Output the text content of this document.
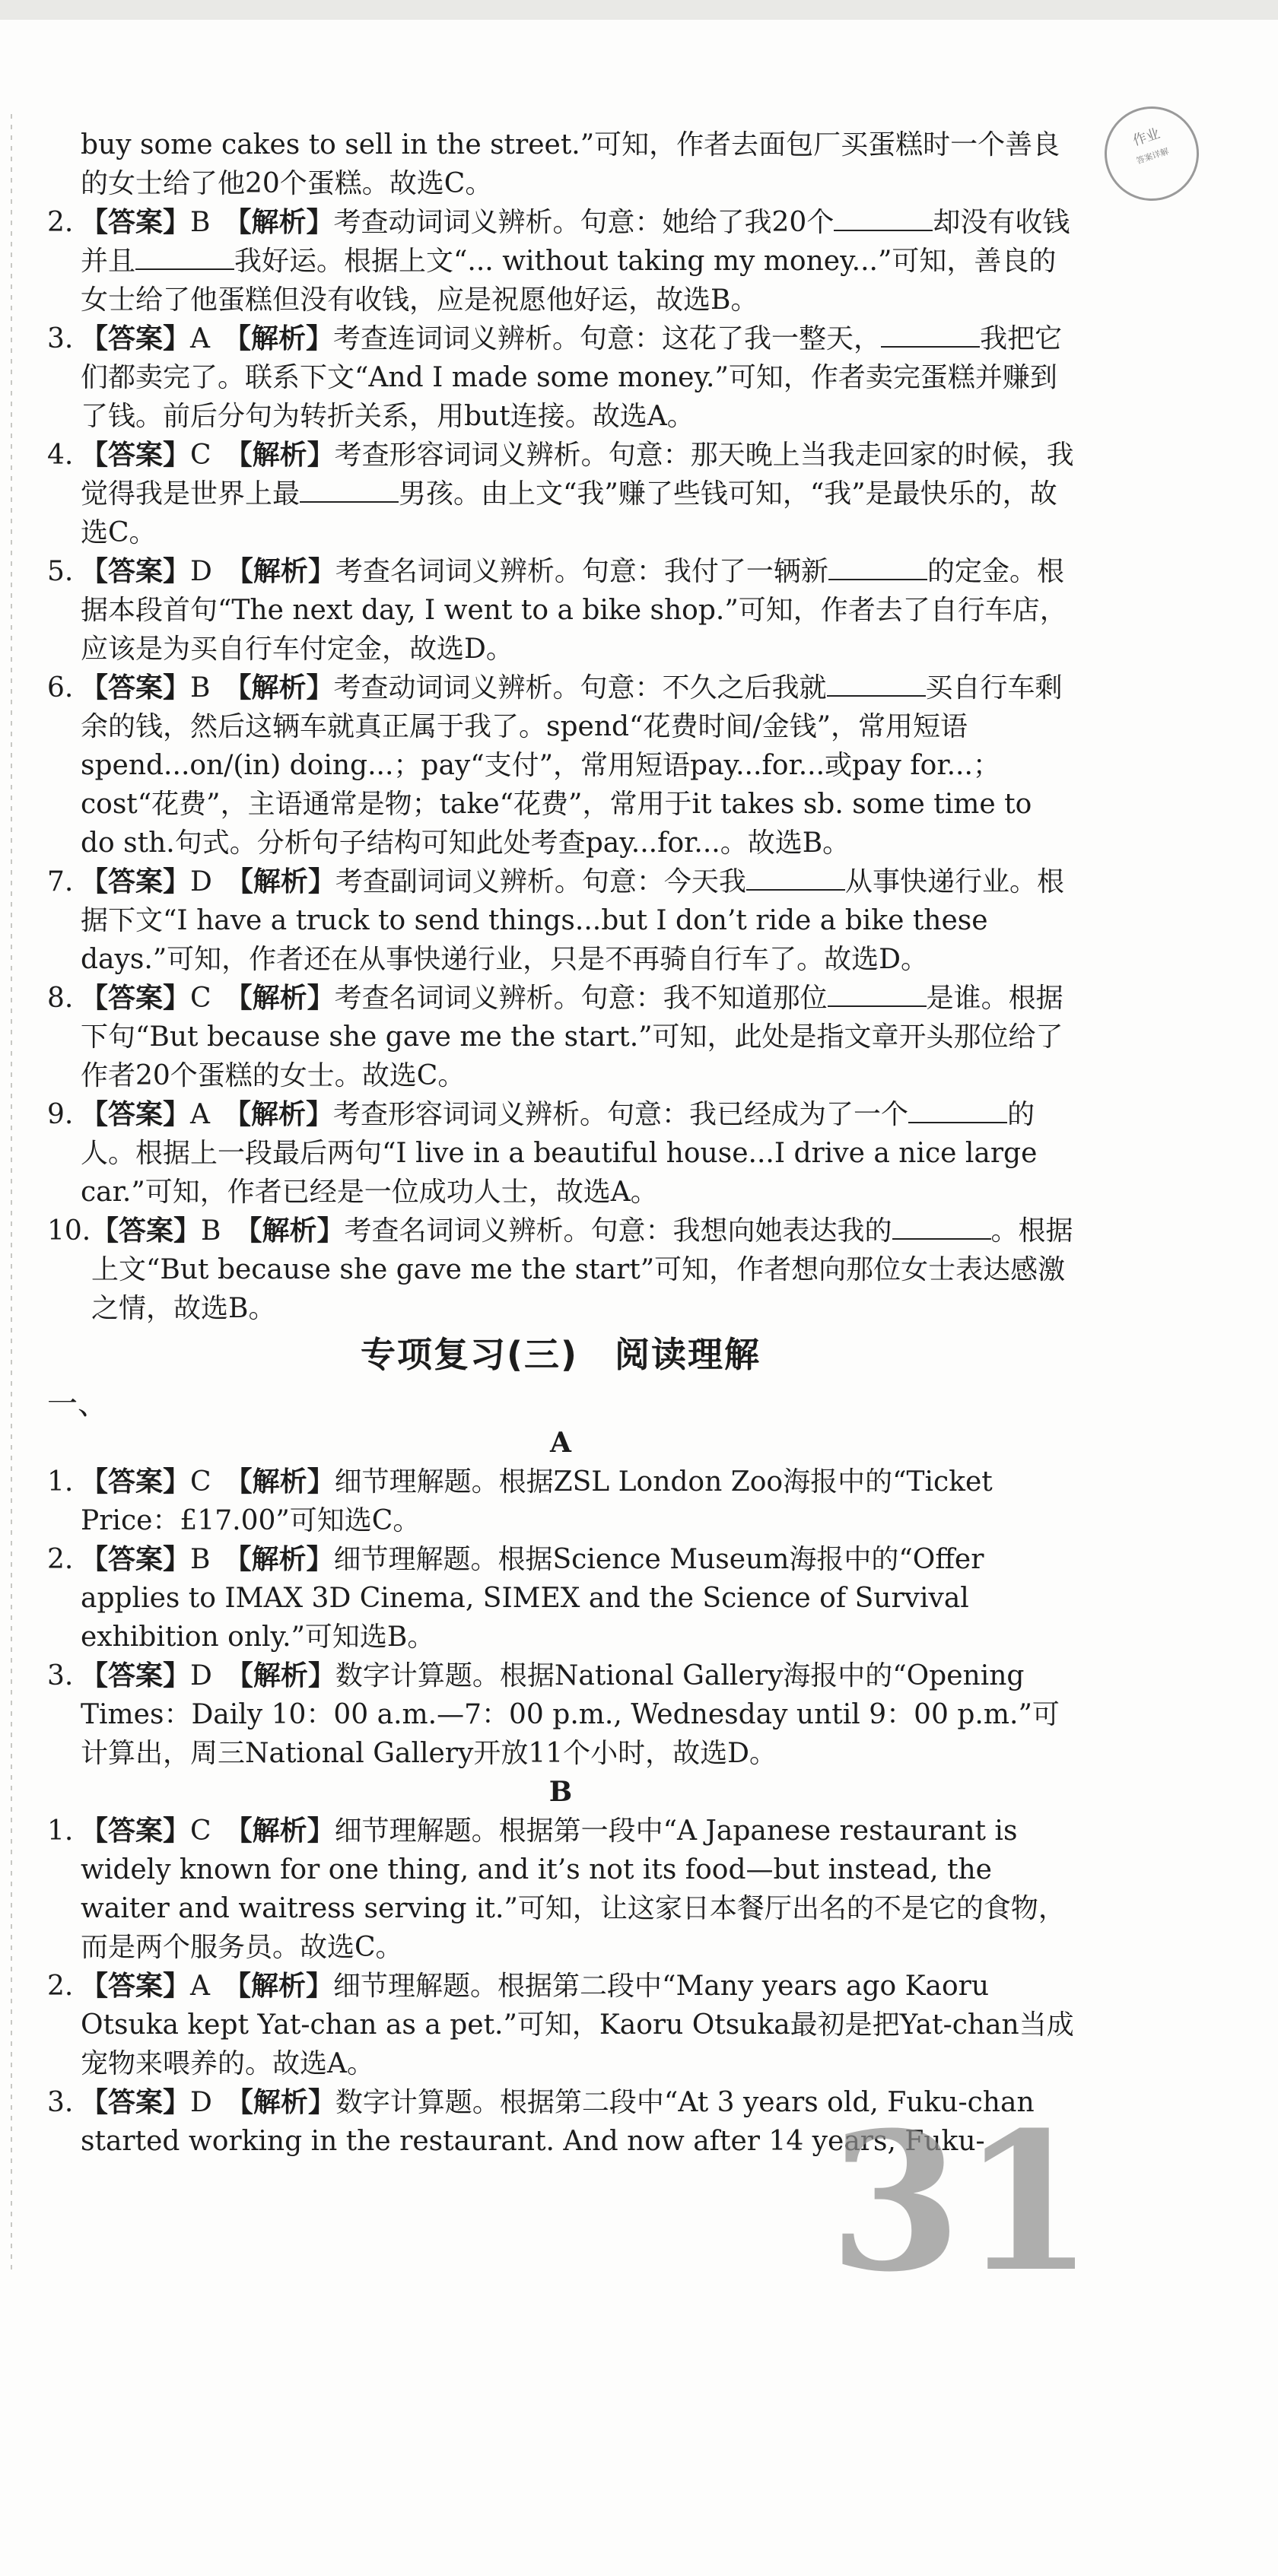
作业
答案详解

buy some cakes to sell in the street.”可知，作者去面包厂买蛋糕时一个善良的女士给了他20个蛋糕。故选C。

2. 【答案】B　 【解析】考查动词词义辨析。句意：她给了我20个	却没有收钱并且	我好运。根据上文“... without taking my money...”可知，善良的女士给了他蛋糕但没有收钱，应是祝愿他好运，故选B。

3. 【答案】A　 【解析】考查连词词义辨析。句意：这花了我一整天，	我把它们都卖完了。联系下文“And I made some money.”可知，作者卖完蛋糕并赚到了钱。前后分句为转折关系，用but连接。故选A。

4. 【答案】C　 【解析】考查形容词词义辨析。句意：那天晚上当我走回家的时候，我觉得我是世界上最	男孩。由上文“我”赚了些钱可知，“我”是最快乐的，故选C。

5. 【答案】D　 【解析】考查名词词义辨析。句意：我付了一辆新	的定金。根据本段首句“The next day, I went to a bike shop.”可知，作者去了自行车店，应该是为买自行车付定金，故选D。

6. 【答案】B　 【解析】考查动词词义辨析。句意：不久之后我就	买自行车剩余的钱，然后这辆车就真正属于我了。spend“花费时间/金钱”，常用短语spend...on/(in) doing...；pay“支付”，常用短语pay...for...或pay for...；cost“花费”，主语通常是物；take“花费”，常用于it takes sb. some time to do sth.句式。分析句子结构可知此处考查pay...for...。故选B。

7. 【答案】D　 【解析】考查副词词义辨析。句意：今天我	从事快递行业。根据下文“I have a truck to send things...but I don’t ride a bike these days.”可知，作者还在从事快递行业，只是不再骑自行车了。故选D。

8. 【答案】C　 【解析】考查名词词义辨析。句意：我不知道那位	是谁。根据下句“But because she gave me the start.”可知，此处是指文章开头那位给了作者20个蛋糕的女士。故选C。

9. 【答案】A　 【解析】考查形容词词义辨析。句意：我已经成为了一个	的人。根据上一段最后两句“I live in a beautiful house...I drive a nice large car.”可知，作者已经是一位成功人士，故选A。

10. 【答案】B　 【解析】考查名词词义辨析。句意：我想向她表达我的	。根据上文“But because she gave me the start”可知，作者想向那位女士表达感激之情，故选B。

专项复习(三)　阅读理解

一、

A

1. 【答案】C　 【解析】细节理解题。根据ZSL London Zoo海报中的“Ticket Price：£17.00”可知选C。

2. 【答案】B　 【解析】细节理解题。根据Science Museum海报中的“Offer applies to IMAX 3D Cinema, SIMEX and the Science of Survival exhibition only.”可知选B。

3. 【答案】D　 【解析】数字计算题。根据National Gallery海报中的“Opening Times：Daily 10：00 a.m.—7：00 p.m., Wednesday until 9：00 p.m.”可计算出，周三National Gallery开放11个小时，故选D。

B

1. 【答案】C　 【解析】细节理解题。根据第一段中“A Japanese restaurant is widely known for one thing, and it’s not its food—but instead, the waiter and waitress serving it.”可知，让这家日本餐厅出名的不是它的食物，而是两个服务员。故选C。

2. 【答案】A　 【解析】细节理解题。根据第二段中“Many years ago Kaoru Otsuka kept Yat-chan as a pet.”可知，Kaoru Otsuka最初是把Yat-chan当成宠物来喂养的。故选A。

3. 【答案】D　 【解析】数字计算题。根据第二段中“At 3 years old, Fuku-chan started working in the restaurant. And now after 14 years, Fuku-

31
